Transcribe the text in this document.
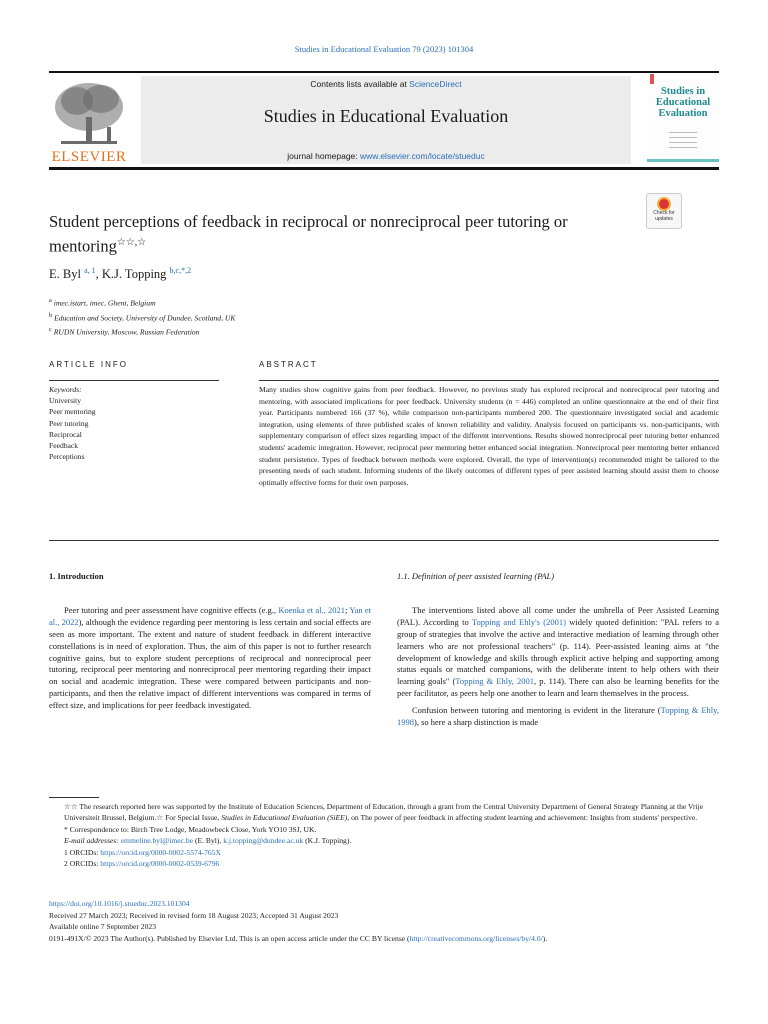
Studies in Educational Evaluation 79 (2023) 101304
ELSEVIER
Contents lists available at ScienceDirect
Studies in Educational Evaluation
journal homepage: www.elsevier.com/locate/stueduc
Studies in
Educational
Evaluation
Check for
updates
Student perceptions of feedback in reciprocal or nonreciprocal peer tutoring or mentoring☆☆,☆
E. Byl $^{a, 1}$, K.J. Topping $^{b,c,*,2}$
$^a$ imec.istart, imec, Ghent, Belgium
$^b$ Education and Society, University of Dundee, Scotland, UK
$^c$ RUDN University, Moscow, Russian Federation
ARTICLE INFO	ABSTRACT
Keywords:
University
Peer mentoring
Peer tutoring
Reciprocal
Feedback
Perceptions

Many studies show cognitive gains from peer feedback. However, no previous study has explored reciprocal and nonreciprocal peer tutoring and mentoring, with associated implications for peer feedback. University students (n = 446) completed an online questionnaire at the end of their first year. Participants numbered 166 (37 %), while comparison non-participants numbered 200. The questionnaire investigated social and academic integration, using elements of three published scales of known reliability and validity. Analysis focused on participants vs. non-participants, with supplementary comparison of effect sizes regarding impact of the different interventions. Results showed nonreciprocal peer tutoring better enhanced students' academic integration. However, reciprocal peer mentoring better enhanced social integration. Nonreciprocal peer mentoring better enhanced student persistence. Types of feedback between methods were explored. Overall, the type of intervention(s) recommended might be tailored to the presenting needs of each student. Informing students of the likely outcomes of different types of peer assisted learning should assist them to choose optimally effective forms for their own purposes.

1. Introduction

Peer tutoring and peer assessment have cognitive effects (e.g., Koenka et al., 2021; Yan et al., 2022), although the evidence regarding peer mentoring is less certain and social effects are seen as more important. The extent and nature of student feedback in different interactive constellations is in need of exploration. Thus, the aim of this paper is not to further research cognitive gains, but to explore student perceptions of reciprocal and nonreciprocal peer tutoring, reciprocal peer mentoring and nonreciprocal peer mentoring regarding their impact on social and academic integration. These were compared between participants and non-participants, and then the relative impact of different interventions was compared in terms of effect size, and implications for peer feedback investigated.

1.1. Definition of peer assisted learning (PAL)

The interventions listed above all come under the umbrella of Peer Assisted Learning (PAL). According to Topping and Ehly's (2001) widely quoted definition: "PAL refers to a group of strategies that involve the active and interactive mediation of learning through other learners who are not professional teachers" (p. 114). Peer-assisted leaning aims at "the development of knowledge and skills through explicit active helping and supporting among status equals or matched companions, with the deliberate intent to help others with their learning goals" (Topping & Ehly, 2001, p. 114). There can also be learning benefits for the peer facilitator, as peers help one another to learn and learn themselves in the process.

Confusion between tutoring and mentoring is evident in the literature (Topping & Ehly, 1998), so here a sharp distinction is made

☆☆ The research reported here was supported by the Institute of Education Sciences, Department of Education, through a grant from the Central University Department of General Strategy Planning at the Vrije Universiteit Brussel, Belgium.☆ For Special Issue, Studies in Educational Evaluation (SiEE), on The power of peer feedback in affecting student learning and achievement: Insights from students' perspective.

* Correspondence to: Birch Tree Lodge, Meadowbeck Close, York YO10 3SJ, UK.

E-mail addresses: emmeline.byl@imec.be (E. Byl), k.j.topping@dundee.ac.uk (K.J. Topping).

1 ORCIDs: https://orcid.org/0000-0002-5574-765X

2 ORCIDs: https://orcid.org/0000-0002-0539-6796

https://doi.org/10.1016/j.stueduc.2023.101304

Received 27 March 2023; Received in revised form 18 August 2023; Accepted 31 August 2023

Available online 7 September 2023

0191-491X/© 2023 The Author(s). Published by Elsevier Ltd. This is an open access article under the CC BY license (http://creativecommons.org/licenses/by/4.0/).
